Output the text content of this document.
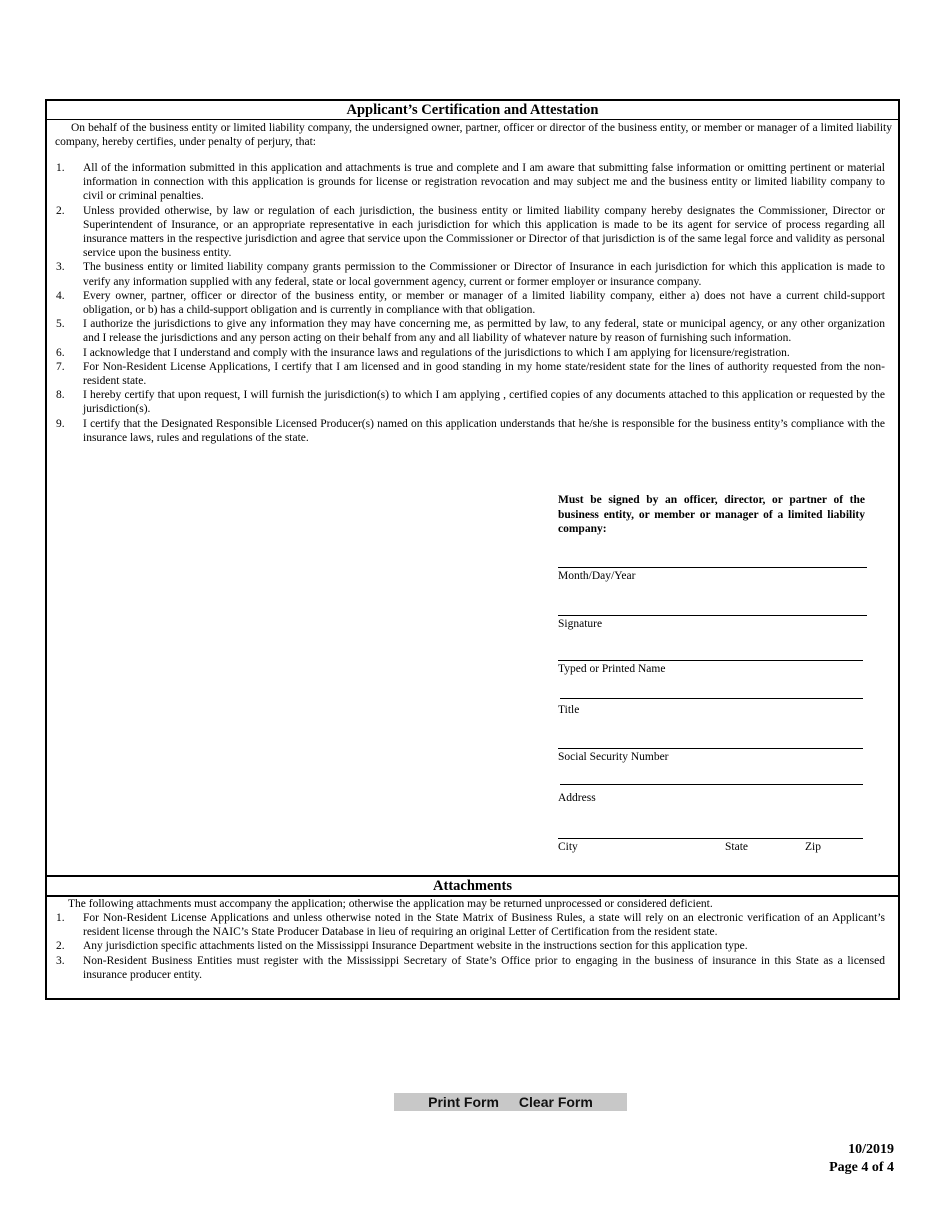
Applicant’s Certification and Attestation
On behalf of the business entity or limited liability company, the undersigned owner, partner, officer or director of the business entity, or member or manager of a limited liability company, hereby certifies, under penalty of perjury, that:
1. All of the information submitted in this application and attachments is true and complete and I am aware that submitting false information or omitting pertinent or material information in connection with this application is grounds for license or registration revocation and may subject me and the business entity or limited liability company to civil or criminal penalties.
2. Unless provided otherwise, by law or regulation of each jurisdiction, the business entity or limited liability company hereby designates the Commissioner, Director or Superintendent of Insurance, or an appropriate representative in each jurisdiction for which this application is made to be its agent for service of process regarding all insurance matters in the respective jurisdiction and agree that service upon the Commissioner or Director of that jurisdiction is of the same legal force and validity as personal service upon the business entity.
3. The business entity or limited liability company grants permission to the Commissioner or Director of Insurance in each jurisdiction for which this application is made to verify any information supplied with any federal, state or local government agency, current or former employer or insurance company.
4. Every owner, partner, officer or director of the business entity, or member or manager of a limited liability company, either a) does not have a current child-support obligation, or b) has a child-support obligation and is currently in compliance with that obligation.
5. I authorize the jurisdictions to give any information they may have concerning me, as permitted by law, to any federal, state or municipal agency, or any other organization and I release the jurisdictions and any person acting on their behalf from any and all liability of whatever nature by reason of furnishing such information.
6. I acknowledge that I understand and comply with the insurance laws and regulations of the jurisdictions to which I am applying for licensure/registration.
7. For Non-Resident License Applications, I certify that I am licensed and in good standing in my home state/resident state for the lines of authority requested from the non-resident state.
8. I hereby certify that upon request, I will furnish the jurisdiction(s) to which I am applying , certified copies of any documents attached to this application or requested by the jurisdiction(s).
9. I certify that the Designated Responsible Licensed Producer(s) named on this application understands that he/she is responsible for the business entity’s compliance with the insurance laws, rules and regulations of the state.
Must be signed by an officer, director, or partner of the business entity, or member or manager of a limited liability company:
Month/Day/Year
Signature
Typed or Printed Name
Title
Social Security Number
Address
City	State	Zip
Attachments
The following attachments must accompany the application; otherwise the application may be returned unprocessed or considered deficient.
1. For Non-Resident License Applications and unless otherwise noted in the State Matrix of Business Rules, a state will rely on an electronic verification of an Applicant’s resident license through the NAIC’s State Producer Database in lieu of requiring an original Letter of Certification from the resident state.
2. Any jurisdiction specific attachments listed on the Mississippi Insurance Department website in the instructions section for this application type.
3. Non-Resident Business Entities must register with the Mississippi Secretary of State’s Office prior to engaging in the business of insurance in this State as a licensed insurance producer entity.
Print Form	Clear Form
10/2019
Page 4 of 4
